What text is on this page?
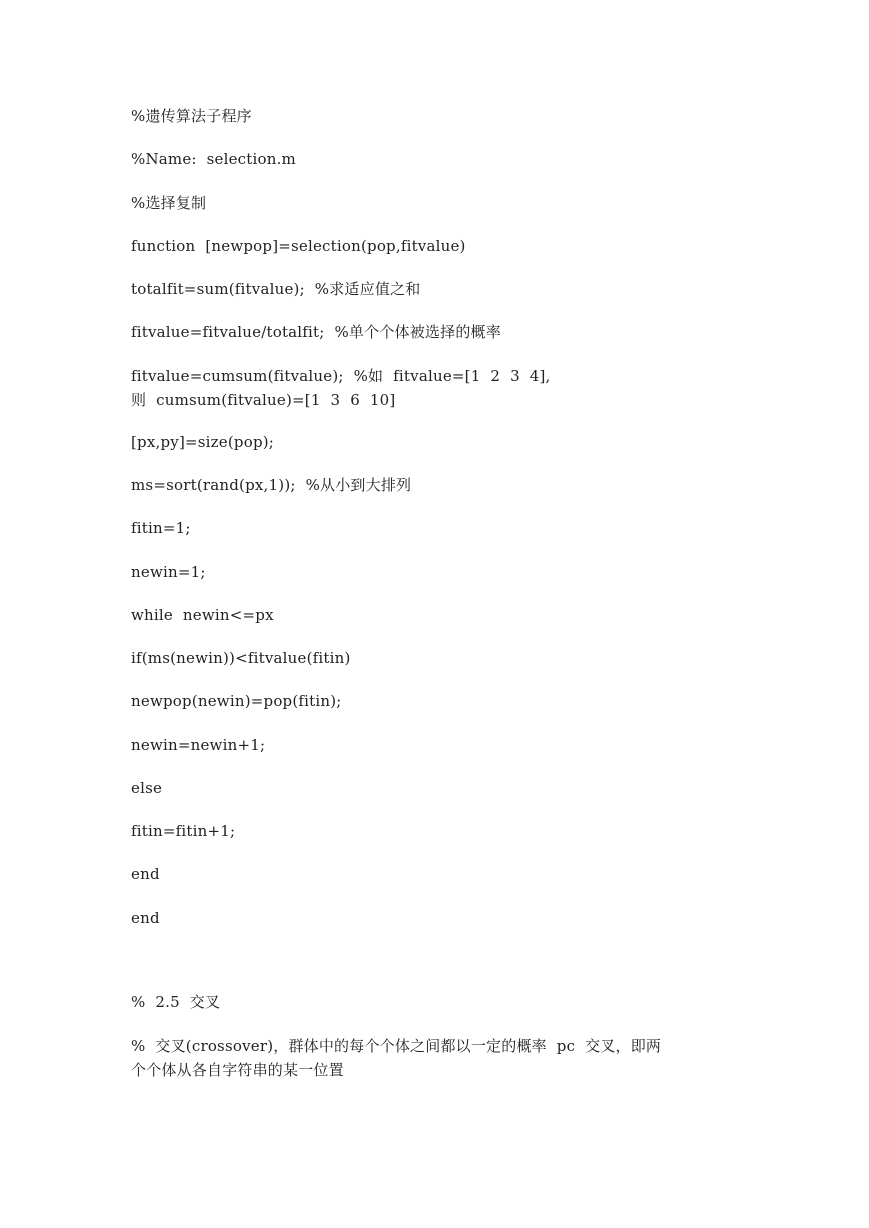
%遗传算法子程序
%Name:  selection.m
%选择复制
function  [newpop]=selection(pop,fitvalue)
totalfit=sum(fitvalue);  %求适应值之和
fitvalue=fitvalue/totalfit;  %单个个体被选择的概率
fitvalue=cumsum(fitvalue);  %如  fitvalue=[1  2  3  4],
则  cumsum(fitvalue)=[1  3  6  10]
[px,py]=size(pop);
ms=sort(rand(px,1));  %从小到大排列
fitin=1;
newin=1;
while  newin<=px
if(ms(newin))<fitvalue(fitin)
newpop(newin)=pop(fitin);
newin=newin+1;
else
fitin=fitin+1;
end
end
%  2.5  交叉
%  交叉(crossover)，群体中的每个个体之间都以一定的概率  pc  交叉，即两
个个体从各自字符串的某一位置
